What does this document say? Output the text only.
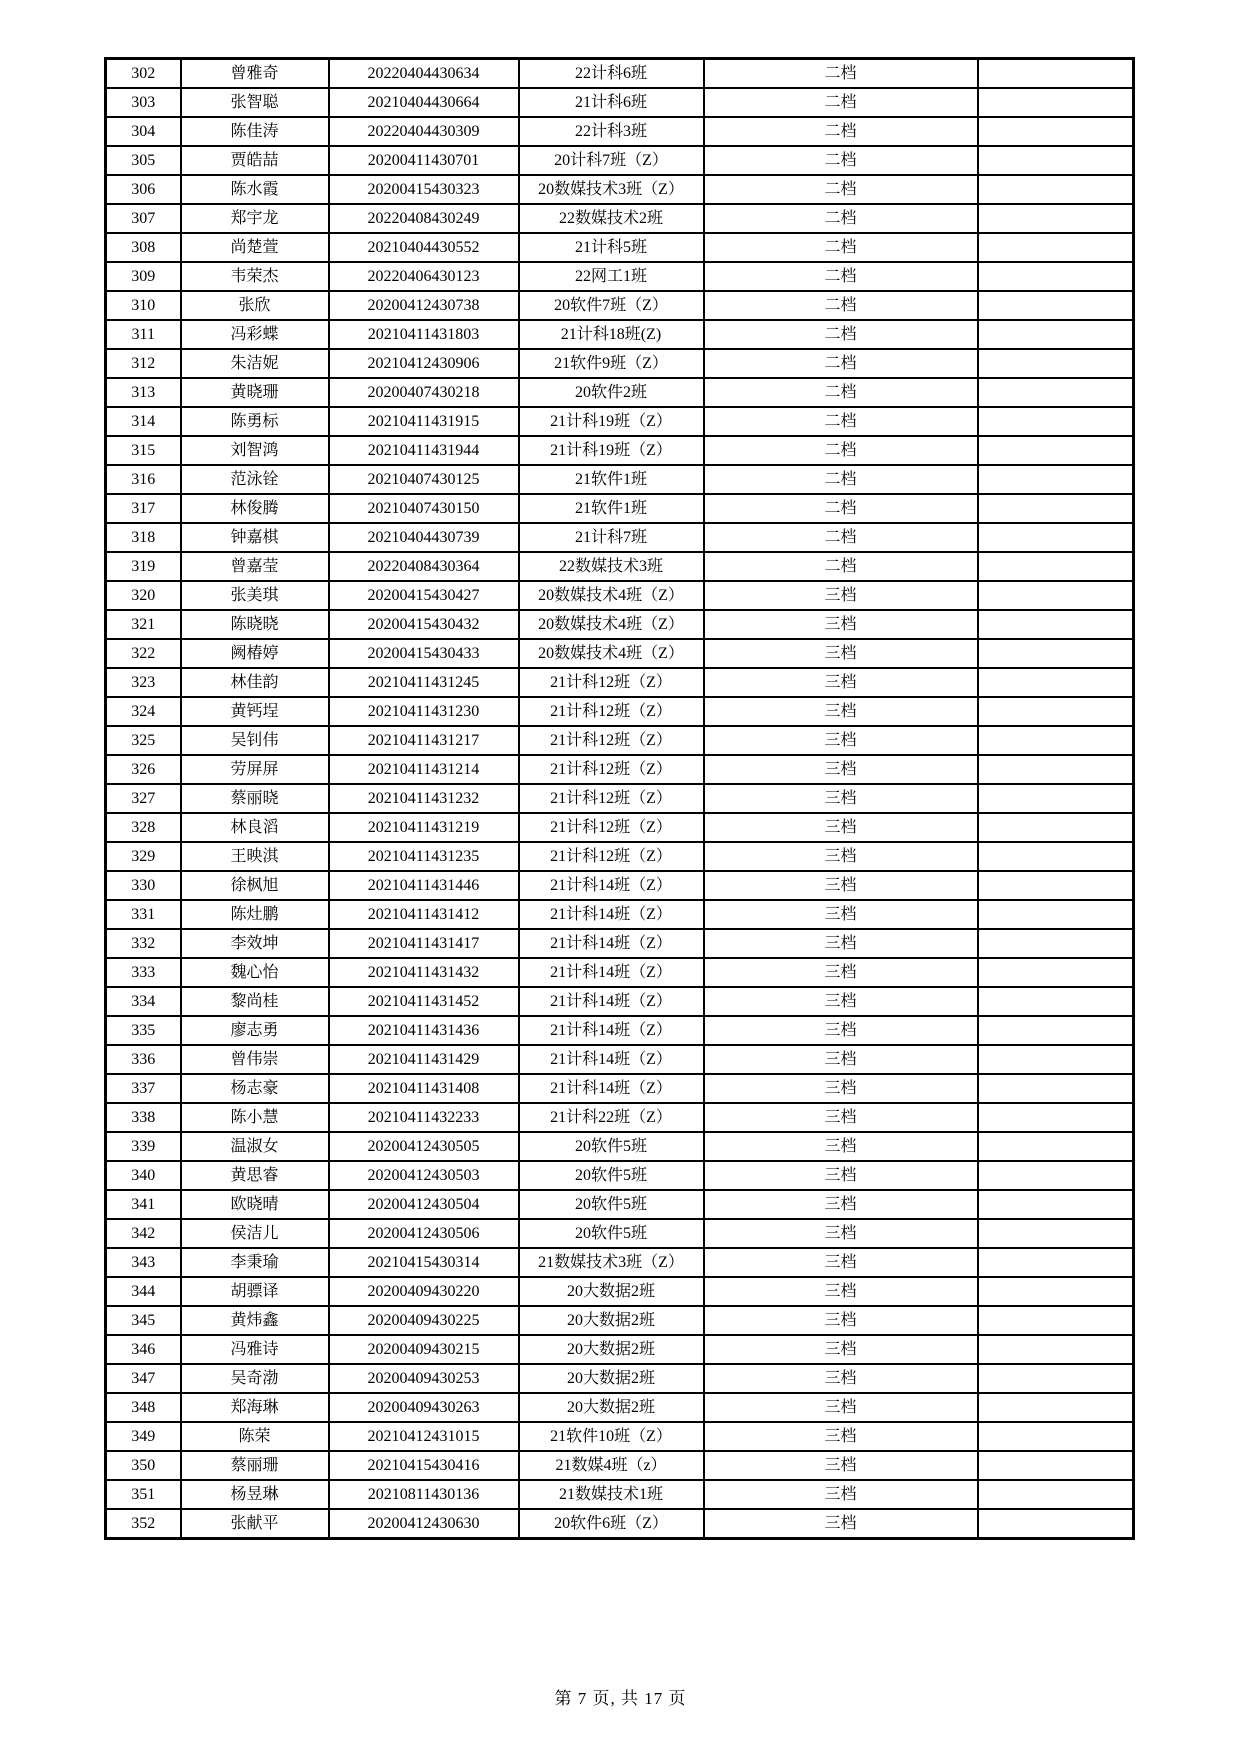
302	曾雅奇	20220404430634	22计科6班	二档	
303	张智聪	20210404430664	21计科6班	二档	
304	陈佳涛	20220404430309	22计科3班	二档	
305	贾皓喆	20200411430701	20计科7班（Z）	二档	
306	陈水霞	20200415430323	20数媒技术3班（Z）	二档	
307	郑宇龙	20220408430249	22数媒技术2班	二档	
308	尚楚萱	20210404430552	21计科5班	二档	
309	韦荣杰	20220406430123	22网工1班	二档	
310	张欣	20200412430738	20软件7班（Z）	二档	
311	冯彩蝶	20210411431803	21计科18班(Z)	二档	
312	朱洁妮	20210412430906	21软件9班（Z）	二档	
313	黄晓珊	20200407430218	20软件2班	二档	
314	陈勇标	20210411431915	21计科19班（Z）	二档	
315	刘智鸿	20210411431944	21计科19班（Z）	二档	
316	范泳铨	20210407430125	21软件1班	二档	
317	林俊腾	20210407430150	21软件1班	二档	
318	钟嘉棋	20210404430739	21计科7班	二档	
319	曾嘉莹	20220408430364	22数媒技术3班	二档	
320	张美琪	20200415430427	20数媒技术4班（Z）	三档	
321	陈晓晓	20200415430432	20数媒技术4班（Z）	三档	
322	阙椿婷	20200415430433	20数媒技术4班（Z）	三档	
323	林佳韵	20210411431245	21计科12班（Z）	三档	
324	黄钙埕	20210411431230	21计科12班（Z）	三档	
325	吴钊伟	20210411431217	21计科12班（Z）	三档	
326	劳屏屏	20210411431214	21计科12班（Z）	三档	
327	蔡丽晓	20210411431232	21计科12班（Z）	三档	
328	林良滔	20210411431219	21计科12班（Z）	三档	
329	王映淇	20210411431235	21计科12班（Z）	三档	
330	徐枫旭	20210411431446	21计科14班（Z）	三档	
331	陈灶鹏	20210411431412	21计科14班（Z）	三档	
332	李效坤	20210411431417	21计科14班（Z）	三档	
333	魏心怡	20210411431432	21计科14班（Z）	三档	
334	黎尚桂	20210411431452	21计科14班（Z）	三档	
335	廖志勇	20210411431436	21计科14班（Z）	三档	
336	曾伟崇	20210411431429	21计科14班（Z）	三档	
337	杨志豪	20210411431408	21计科14班（Z）	三档	
338	陈小慧	20210411432233	21计科22班（Z）	三档	
339	温淑女	20200412430505	20软件5班	三档	
340	黄思睿	20200412430503	20软件5班	三档	
341	欧晓晴	20200412430504	20软件5班	三档	
342	侯洁儿	20200412430506	20软件5班	三档	
343	李秉瑜	20210415430314	21数媒技术3班（Z）	三档	
344	胡骠译	20200409430220	20大数据2班	三档	
345	黄炜鑫	20200409430225	20大数据2班	三档	
346	冯雅诗	20200409430215	20大数据2班	三档	
347	吴奇渤	20200409430253	20大数据2班	三档	
348	郑海琳	20200409430263	20大数据2班	三档	
349	陈荣	20210412431015	21软件10班（Z）	三档	
350	蔡丽珊	20210415430416	21数媒4班（z）	三档	
351	杨昱琳	20210811430136	21数媒技术1班	三档	
352	张献平	20200412430630	20软件6班（Z）	三档	
第 7 页, 共 17 页
